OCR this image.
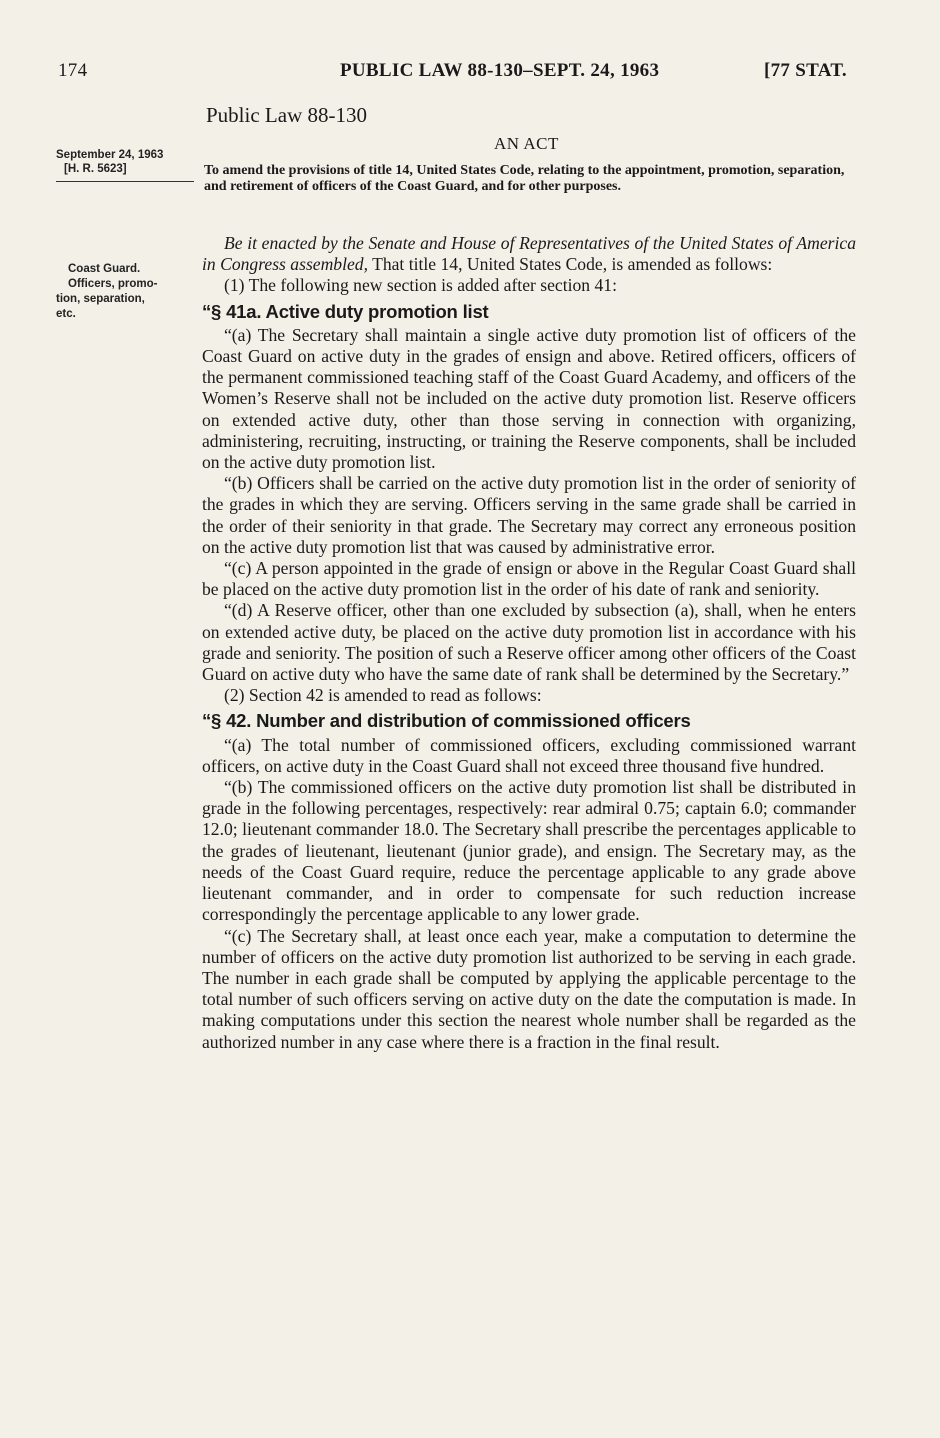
174	PUBLIC LAW 88-130–SEPT. 24, 1963	[77 STAT.
September 24, 1963
[H. R. 5623]
Coast Guard.
Officers, promo-
tion, separation,
etc.
Public Law 88-130
AN ACT
To amend the provisions of title 14, United States Code, relating to the appointment, promotion, separation, and retirement of officers of the Coast Guard, and for other purposes.

Be it enacted by the Senate and House of Representatives of the United States of America in Congress assembled, That title 14, United States Code, is amended as follows:

(1) The following new section is added after section 41:

“§ 41a. Active duty promotion list

“(a) The Secretary shall maintain a single active duty promotion list of officers of the Coast Guard on active duty in the grades of ensign and above. Retired officers, officers of the permanent commissioned teaching staff of the Coast Guard Academy, and officers of the Women’s Reserve shall not be included on the active duty promotion list. Reserve officers on extended active duty, other than those serving in connection with organizing, administering, recruiting, instructing, or training the Reserve components, shall be included on the active duty promotion list.

“(b) Officers shall be carried on the active duty promotion list in the order of seniority of the grades in which they are serving. Officers serving in the same grade shall be carried in the order of their seniority in that grade. The Secretary may correct any erroneous position on the active duty promotion list that was caused by administrative error.

“(c) A person appointed in the grade of ensign or above in the Regular Coast Guard shall be placed on the active duty promotion list in the order of his date of rank and seniority.

“(d) A Reserve officer, other than one excluded by subsection (a), shall, when he enters on extended active duty, be placed on the active duty promotion list in accordance with his grade and seniority. The position of such a Reserve officer among other officers of the Coast Guard on active duty who have the same date of rank shall be determined by the Secretary.”

(2) Section 42 is amended to read as follows:

“§ 42. Number and distribution of commissioned officers

“(a) The total number of commissioned officers, excluding commissioned warrant officers, on active duty in the Coast Guard shall not exceed three thousand five hundred.

“(b) The commissioned officers on the active duty promotion list shall be distributed in grade in the following percentages, respectively: rear admiral 0.75; captain 6.0; commander 12.0; lieutenant commander 18.0. The Secretary shall prescribe the percentages applicable to the grades of lieutenant, lieutenant (junior grade), and ensign. The Secretary may, as the needs of the Coast Guard require, reduce the percentage applicable to any grade above lieutenant commander, and in order to compensate for such reduction increase correspondingly the percentage applicable to any lower grade.

“(c) The Secretary shall, at least once each year, make a computation to determine the number of officers on the active duty promotion list authorized to be serving in each grade. The number in each grade shall be computed by applying the applicable percentage to the total number of such officers serving on active duty on the date the computation is made. In making computations under this section the nearest whole number shall be regarded as the authorized number in any case where there is a fraction in the final result.
